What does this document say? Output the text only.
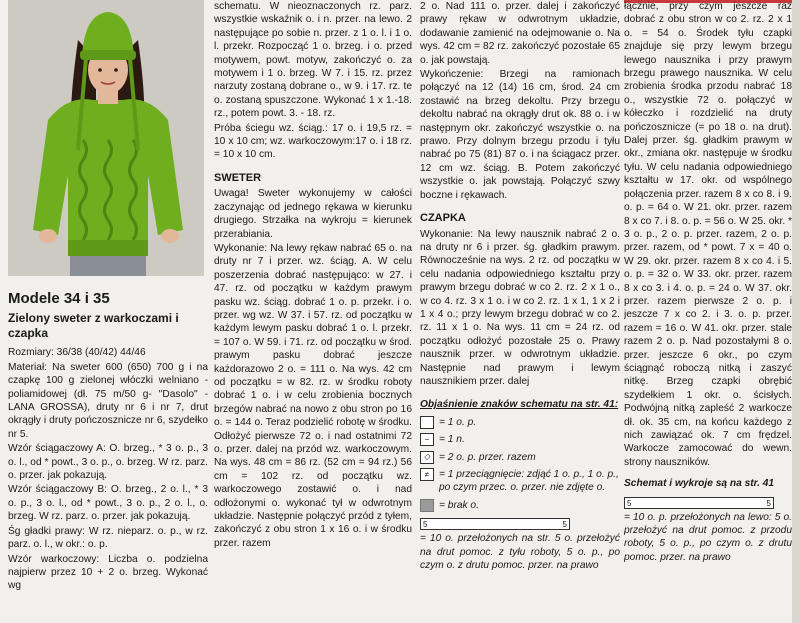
Modele 34 i 35
Zielony sweter z warkoczami i czapka

Rozmiary: 36/38 (40/42) 44/46

Materiał: Na sweter 600 (650) 700 g i na czapkę 100 g zielonej włóczki welniano - poliamidowej (dł. 75 m/50 g- "Dasolo" - LANA GROSSA), druty nr 6 i nr 7, drut okrągły i druty pończosznicze nr 6, szydełko nr 5.

Wzór ściągaczowy A: O. brzeg., * 3 o. p., 3 o. l., od * powt., 3 o. p., o. brzeg. W rz. parz. o. przer. jak pokazują.

Wzór ściągaczowy B: O. brzeg., 2 o. l., * 3 o. p., 3 o. l., od * powt., 3 o. p., 2 o. l., o. brzeg. W rz. parz. o. przer. jak pokazują.

Śg gładki prawy: W rz. nieparz. o. p., w rz. parz. o. l., w okr.: o. p.

Wzór warkoczowy: Liczba o. podzielna najpierw przez 10 + 2 o. brzeg. Wykonać wg

schematu. W nieoznaczonych rz. parz. wszystkie wskaźnik o. i n. przer. na lewo. 2 następujące po sobie n. przer. z 1 o. l. i 1 o. l. przekr. Rozpocząć 1 o. brzeg. i o. przed motywem, powt. motyw, zakończyć o. za motywem i 1 o. brzeg. W 7. i 15. rz. przez narzuty zostaną dobrane o., w 9. i 17. rz. te o. zostaną spuszczone. Wykonać 1 x 1.-18. rz., potem powt. 3. - 18. rz.

Próba ściegu wz. ściąg.: 17 o. i 19,5 rz. = 10 x 10 cm; wz. warkoczowym:17 o. i 18 rz. = 10 x 10 cm.

SWETER

Uwaga! Sweter wykonujemy w całości zaczynając od jednego rękawa w kierunku drugiego. Strzałka na wykroju = kierunek przerabiania.

Wykonanie: Na lewy rękaw nabrać 65 o. na druty nr 7 i przer. wz. ściąg. A. W celu poszerzenia dobrać następująco: w 27. i 47. rz. od początku w każdym prawym pasku wz. ściąg. dobrać 1 o. p. przekr. i o. przer. wg wz. W 37. i 57. rz. od początku w każdym lewym pasku dobrać 1 o. l. przekr. = 107 o. W 59. i 71. rz. od początku w środ. prawym pasku dobrać jeszcze każdorazowo 2 o. = 111 o. Na wys. 42 cm od początku = w 82. rz. w środku roboty dobrać 1 o. i w celu zrobienia bocznych brzegów nabrać na nowo z obu stron po 16 o. = 144 o. Teraz podzielić robotę w środku. Odłożyć pierwsze 72 o. i nad ostatnimi 72 o. przer. dalej na przód wz. warkoczowym. Na wys. 48 cm = 86 rz. (52 cm = 94 rz.) 56 cm = 102 rz. od początku wz. warkoczowego zostawić o. i nad odłożonymi o. wykonać tył w odwrotnym układzie. Następnie połączyć przód z tyłem, zakończyć z obu stron 1 x 16 o. i w środku przer. razem

2 o. Nad 111 o. przer. dalej i zakończyć prawy rękaw w odwrotnym układzie, dodawanie zamienić na odejmowanie o. Na wys. 42 cm = 82 rz. zakończyć pozostałe 65 o. jak powstają.

Wykończenie: Brzegi na ramionach połączyć na 12 (14) 16 cm, środ. 24 cm zostawić na brzeg dekoltu. Przy brzegu dekoltu nabrać na okrągły drut ok. 88 o. i w następnym okr. zakończyć wszystkie o. na prawo. Przy dolnym brzegu przodu i tyłu nabrać po 75 (81) 87 o. i na ściągacz przer. 12 cm wz. ściąg. B. Potem zakończyć wszystkie o. jak powstają. Połączyć szwy boczne i rękawach.

CZAPKA

Wykonanie: Na lewy nausznik nabrać 2 o. na druty nr 6 i przer. śg. gładkim prawym. Równocześnie na wys. 2 rz. od początku w celu nadania odpowiedniego kształtu przy prawym brzegu dobrać w co 2. rz. 2 x 1 o., w co 4. rz. 3 x 1 o. i w co 2. rz. 1 x 1, 1 x 2 i 1 x 4 o.; przy lewym brzegu dobrać w co 2. rz. 11 x 1 o. Na wys. 11 cm = 24 rz. od początku odłożyć pozostałe 25 o. Prawy nausznik przer. w odwrotnym układzie. Następnie nad prawym i lewym nausznikiem przer. dalej

Objaśnienie znaków schematu na str. 41:
= 1 o. p.
− = 1 n.
◇ = 2 o. p. przer. razem
≠ = 1 przeciągnięcie: zdjąć 1 o. p., 1 o. p., po czym przec. o. przer. nie zdjęte o.
= brak o.
5	5

= 10 o. przełożonych na str. 5 o. przełożyć na drut pomoc. z tyłu roboty, 5 o. p., po czym o. z drutu pomoc. przer. na prawo

łącznie, przy czym jeszcze raz dobrać z obu stron w co 2. rz. 2 x 1 o. = 54 o. Środek tyłu czapki znajduje się przy lewym brzegu lewego nausznika i przy prawym brzegu prawego nausznika. W celu zrobienia środka przodu nabrać 18 o., wszystkie 72 o. połączyć w kółeczko i rozdzielić na druty pończosznicze (= po 18 o. na drut). Dalej przer. śg. gładkim prawym w okr., zmiana okr. następuje w środku tyłu. W celu nadania odpowiedniego kształtu w 17. okr. od wspólnego połączenia przer. razem 8 x co 8. i 9. o. p. = 64 o. W 21. okr. przer. razem 8 x co 7. i 8. o. p. = 56 o. W 25. okr. * 3 o. p., 2 o. p. przer. razem, 2 o. p. przer. razem, od * powt. 7 x = 40 o. W 29. okr. przer. razem 8 x co 4. i 5. o. p. = 32 o. W 33. okr. przer. razem 8 x co 3. i 4. o. p. = 24 o. W 37. okr. przer. razem pierwsze 2 o. p. i jeszcze 7 x co 2. i 3. o. p. przer. razem = 16 o. W 41. okr. przer. stale razem 2 o. p. Nad pozostałymi 8 o. przer. jeszcze 6 okr., po czym ściągnąć roboczą nitką i zaszyć nitkę. Brzeg czapki obrębić szydełkiem 1 okr. o. ścisłych. Podwójną nitką zapleść 2 warkocze dł. ok. 35 cm, na końcu każdego z nich zawiązać ok. 7 cm frędzel. Warkocze zamocować do wewn. strony nauszników.

Schemat i wykroje są na str. 41
5	5

= 10 o. p. przełożonych na lewo: 5 o. przełożyć na drut pomoc. z przodu roboty, 5 o. p., po czym o. z drutu pomoc. przer. na prawo
